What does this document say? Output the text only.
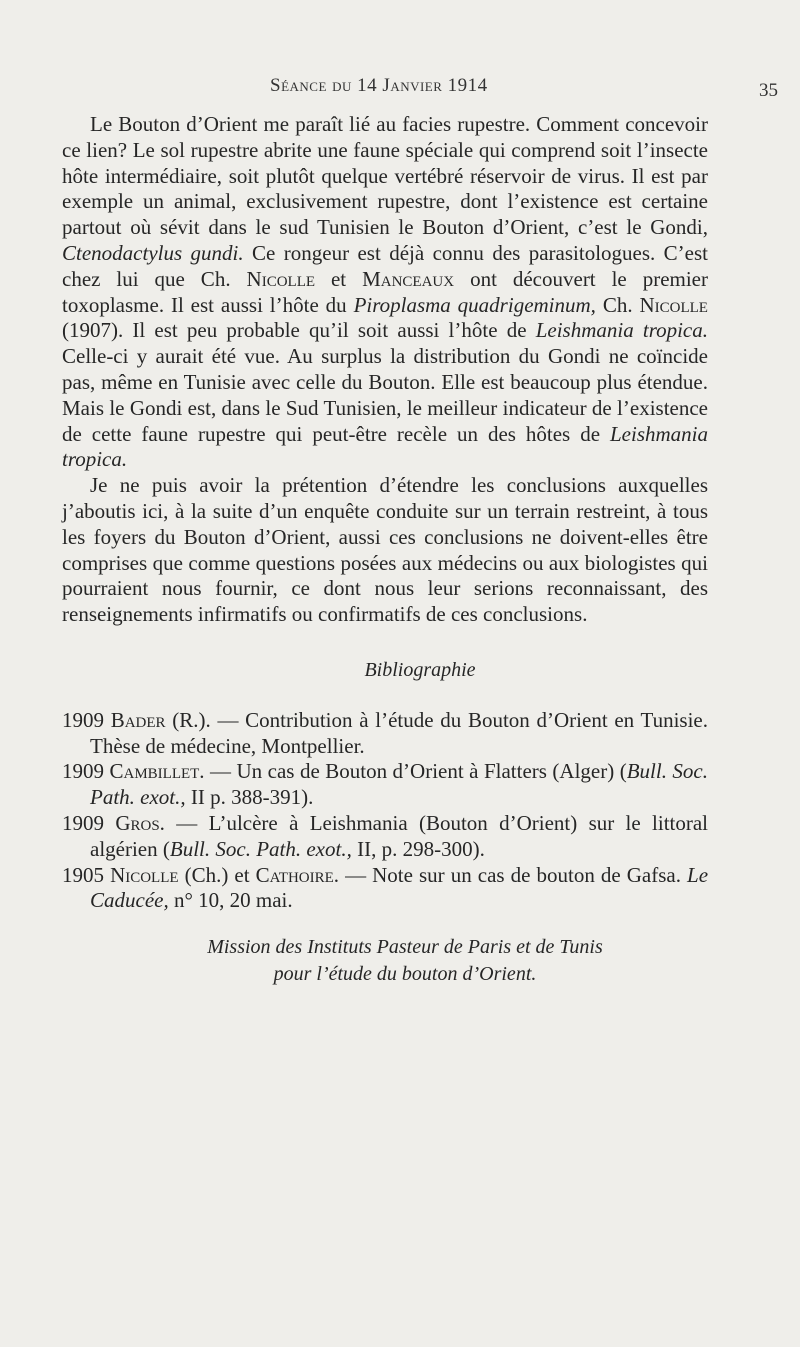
Séance du 14 Janvier 1914	35

Le Bouton d’Orient me paraît lié au facies rupestre. Comment concevoir ce lien? Le sol rupestre abrite une faune spéciale qui comprend soit l’insecte hôte intermédiaire, soit plutôt quelque vertébré réservoir de virus. Il est par exemple un animal, exclusivement rupestre, dont l’existence est certaine partout où sévit dans le sud Tunisien le Bouton d’Orient, c’est le Gondi, Ctenodactylus gundi. Ce rongeur est déjà connu des parasitologues. C’est chez lui que Ch. Nicolle et Manceaux ont découvert le premier toxoplasme. Il est aussi l’hôte du Piroplasma quadrigeminum, Ch. Nicolle (1907). Il est peu probable qu’il soit aussi l’hôte de Leishmania tropica. Celle-ci y aurait été vue. Au surplus la distribution du Gondi ne coïncide pas, même en Tunisie avec celle du Bouton. Elle est beaucoup plus étendue. Mais le Gondi est, dans le Sud Tunisien, le meilleur indicateur de l’existence de cette faune rupestre qui peut-être recèle un des hôtes de Leishmania tropica.

Je ne puis avoir la prétention d’étendre les conclusions auxquelles j’aboutis ici, à la suite d’un enquête conduite sur un terrain restreint, à tous les foyers du Bouton d’Orient, aussi ces conclusions ne doivent-elles être comprises que comme questions posées aux médecins ou aux biologistes qui pourraient nous fournir, ce dont nous leur serions reconnaissant, des renseignements infirmatifs ou confirmatifs de ces conclusions.

Bibliographie

1909 Bader (R.). — Contribution à l’étude du Bouton d’Orient en Tunisie. Thèse de médecine, Montpellier.

1909 Cambillet. — Un cas de Bouton d’Orient à Flatters (Alger) (Bull. Soc. Path. exot., II p. 388-391).

1909 Gros. — L’ulcère à Leishmania (Bouton d’Orient) sur le littoral algérien (Bull. Soc. Path. exot., II, p. 298-300).

1905 Nicolle (Ch.) et Cathoire. — Note sur un cas de bouton de Gafsa. Le Caducée, n° 10, 20 mai.

Mission des Instituts Pasteur de Paris et de Tunis
pour l’étude du bouton d’Orient.
